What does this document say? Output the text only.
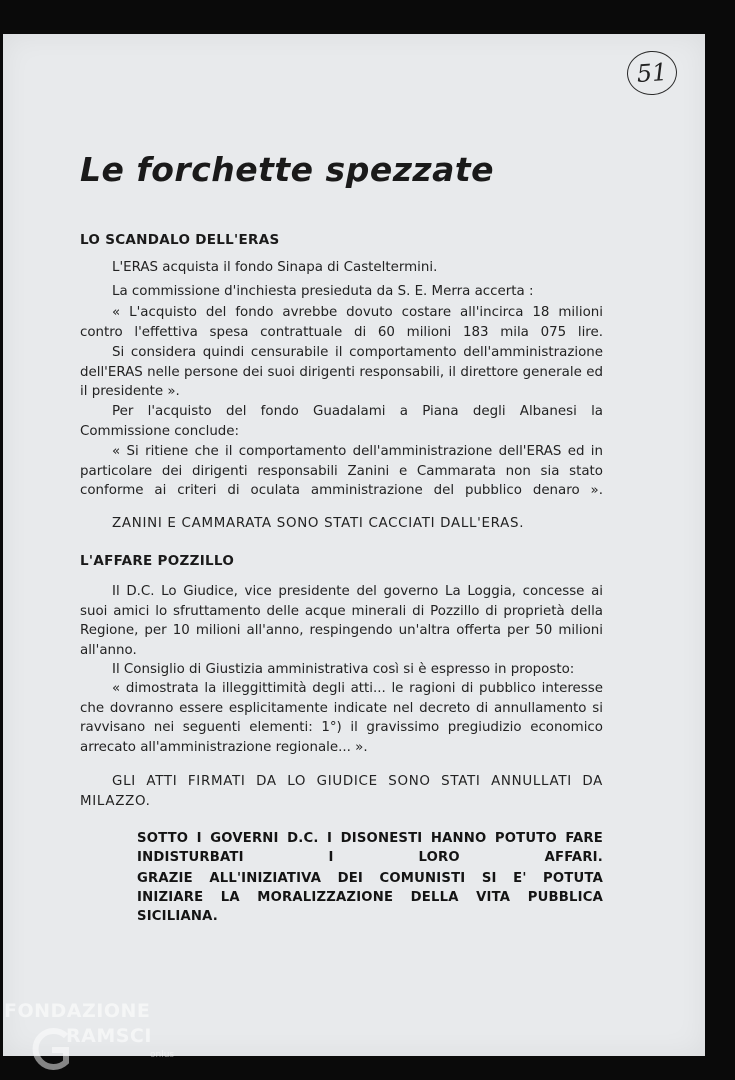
51
Le forchette spezzate
LO SCANDALO DELL'ERAS

L'ERAS acquista il fondo Sinapa di Casteltermini.

La commissione d'inchiesta presieduta da S. E. Merra accerta :

« L'acquisto del fondo avrebbe dovuto costare all'incirca 18 milioni contro l'effettiva spesa contrattuale di 60 milioni 183 mila 075 lire.

Si considera quindi censurabile il comportamento dell'amministrazione dell'ERAS nelle persone dei suoi dirigenti responsabili, il direttore generale ed il presidente ».

Per l'acquisto del fondo Guadalami a Piana degli Albanesi la Commissione conclude:

« Si ritiene che il comportamento dell'amministrazione dell'ERAS ed in particolare dei dirigenti responsabili Zanini e Cammarata non sia stato conforme ai criteri di oculata amministrazione del pubblico denaro ».

ZANINI E CAMMARATA SONO STATI CACCIATI DALL'ERAS.

L'AFFARE POZZILLO

Il D.C. Lo Giudice, vice presidente del governo La Loggia, concesse ai suoi amici lo sfruttamento delle acque minerali di Pozzillo di proprietà della Regione, per 10 milioni all'anno, respingendo un'altra offerta per 50 milioni all'anno.

Il Consiglio di Giustizia amministrativa così si è espresso in proposto:

« dimostrata la illeggittimità degli atti... le ragioni di pubblico interesse che dovranno essere esplicitamente indicate nel decreto di annullamento si ravvisano nei seguenti elementi: 1°) il gravissimo pregiudizio economico arrecato all'amministrazione regionale... ».

GLI ATTI FIRMATI DA LO GIUDICE SONO STATI ANNULLATI DA MILAZZO.

SOTTO I GOVERNI D.C. I DISONESTI HANNO POTUTO FARE INDISTURBATI I LORO AFFARI.

GRAZIE ALL'INIZIATIVA DEI COMUNISTI SI E' POTUTA INIZIARE LA MORALIZZAZIONE DELLA VITA PUBBLICA SICILIANA.

FONDAZIONE
RAMSCI
onlus
